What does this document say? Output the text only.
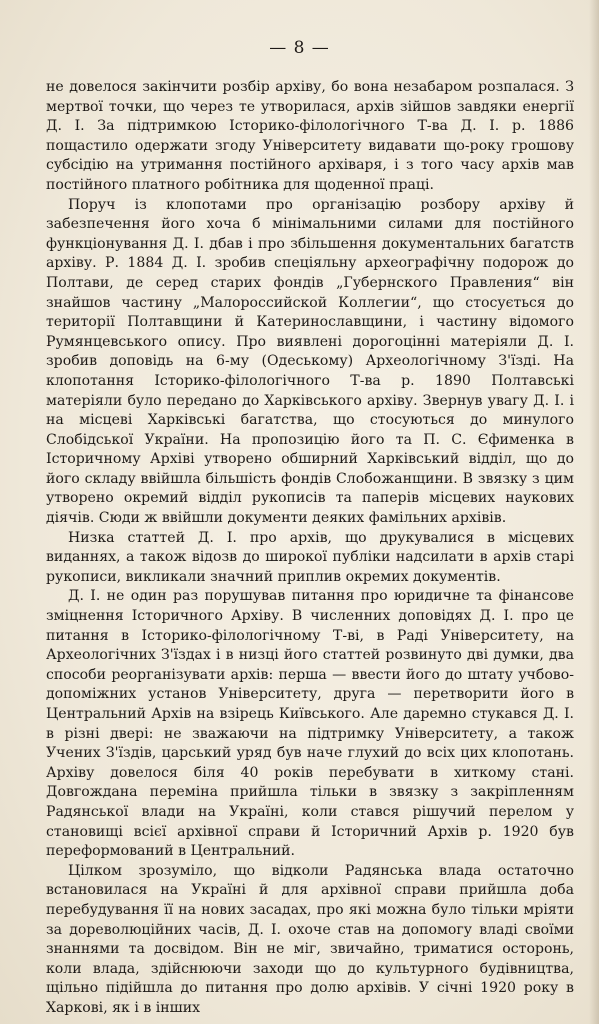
— 8 —

не довелося закінчити розбір архіву, бо вона незабаром розпалася. З мертвої точки, що через те утворилася, архів зійшов завдяки енергії Д. І. За підтримкою Історико-філологічного Т-ва Д. І. р. 1886 пощастило одержати згоду Університету видавати що-року грошову субсідію на утримання постійного архіваря, і з того часу архів мав постійного платного робітника для щоденної праці.

Поруч із клопотами про організацію розбору архіву й забезпечення його хоча б мінімальними силами для постійного функціонування Д. І. дбав і про збільшення документальних багатств архіву. Р. 1884 Д. І. зробив спеціяльну археографічну подорож до Полтави, де серед старих фондів „Губернского Правления“ він знайшов частину „Малороссийской Коллегии“, що стосується до території Полтавщини й Катеринославщини, і частину відомого Румянцевського опису. Про виявлені дорогоцінні матеріяли Д. І. зробив доповідь на 6-му (Одеському) Археологічному З'їзді. На клопотання Історико-філологічного Т-ва р. 1890 Полтавські матеріяли було передано до Харківського архіву. Звернув увагу Д. І. і на місцеві Харківські багатства, що стосуються до минулого Слобідської України. На пропозицію його та П. С. Єфименка в Історичному Архіві утворено обширний Харківський відділ, що до його складу ввійшла більшість фондів Слобожанщини. В звязку з цим утворено окремий відділ рукописів та паперів місцевих наукових діячів. Сюди ж ввійшли документи деяких фамільних архівів.

Низка статтей Д. І. про архів, що друкувалися в місцевих виданнях, а також відозв до широкої публіки надсилати в архів старі рукописи, викликали значний приплив окремих документів.

Д. І. не один раз порушував питання про юридичне та фінансове зміцнення Історичного Архіву. В численних доповідях Д. І. про це питання в Історико-філологічному Т-ві, в Раді Університету, на Археологічних З'їздах і в низці його статтей розвинуто дві думки, два способи реорганізувати архів: перша — ввести його до штату учбово-допоміжних установ Університету, друга — перетворити його в Центральний Архів на взірець Київського. Але даремно стукався Д. І. в різні двері: не зважаючи на підтримку Університету, а також Учених З'їздів, царський уряд був наче глухий до всіх цих клопотань. Архіву довелося біля 40 років перебувати в хиткому стані. Довгождана переміна прийшла тільки в звязку з закріпленням Радянської влади на Україні, коли стався рішучий перелом у становищі всієї архівної справи й Історичний Архів р. 1920 був переформований в Центральний.

Цілком зрозуміло, що відколи Радянська влада остаточно встановилася на Україні й для архівної справи прийшла доба перебудування її на нових засадах, про які можна було тільки мріяти за дореволюційних часів, Д. І. охоче став на допомогу владі своїми знаннями та досвідом. Він не міг, звичайно, триматися осторонь, коли влада, здійснюючи заходи що до культурного будівництва, щільно підійшла до питання про долю архівів. У січні 1920 року в Харкові, як і в інших
